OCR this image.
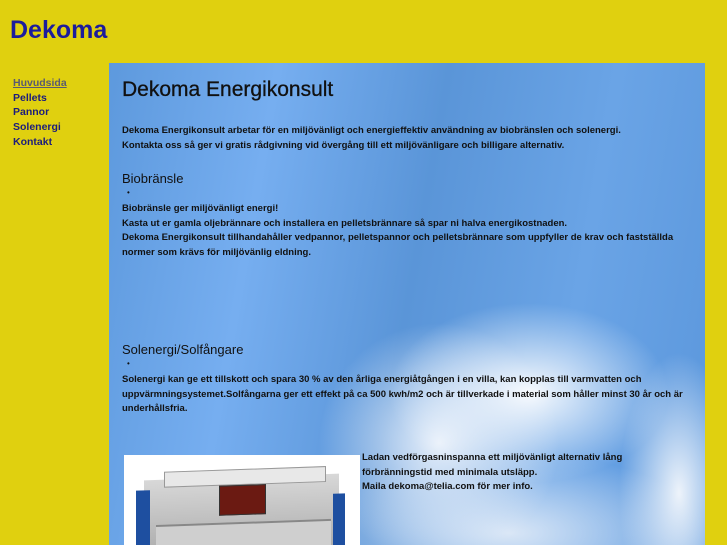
Dekoma
Huvudsida
Pellets
Pannor
Solenergi
Kontakt
Dekoma Energikonsult

Dekoma Energikonsult arbetar för en miljövänligt och energieffektiv användning av biobränslen och solenergi.
Kontakta oss så ger vi gratis rådgivning vid övergång till ett miljövänligare och billigare alternativ.

Biobränsle
•

Biobränsle ger miljövänligt energi!
Kasta ut er gamla oljebrännare och installera en pelletsbrännare så spar ni halva energikostnaden.
Dekoma Energikonsult tillhandahåller vedpannor, pelletspannor och pelletsbrännare som uppfyller de krav och fastställda normer som krävs för miljövänlig eldning.

Solenergi/Solfångare
•

Solenergi kan ge ett tillskott och spara 30 % av den årliga energiåtgången i en villa, kan kopplas till varmvatten och uppvärmningsystemet.Solfångarna ger ett effekt på ca 500 kwh/m2 och är tillverkade i material som håller minst 30 år och är underhållsfria.

Ladan vedförgasninspanna ett miljövänligt alternativ lång förbränningstid med minimala utsläpp.
Maila dekoma@telia.com för mer info.
